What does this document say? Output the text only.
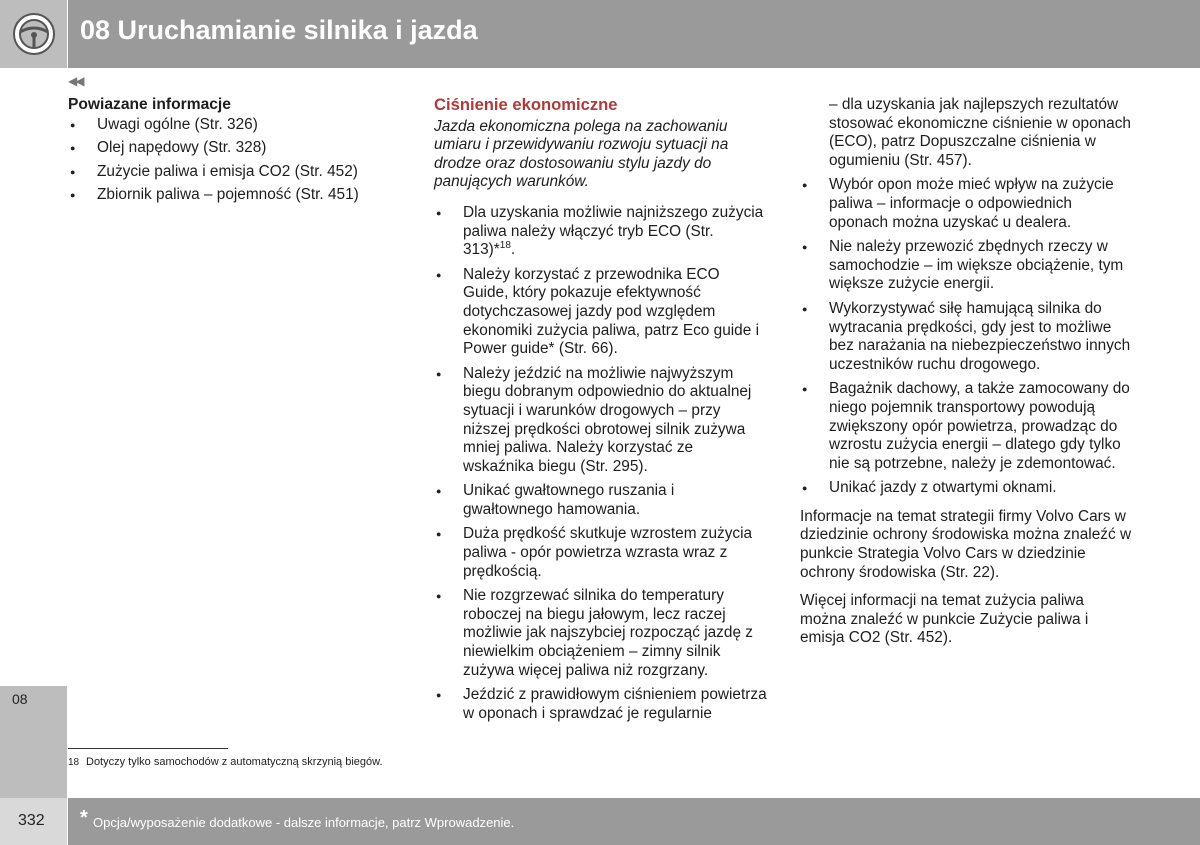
08 Uruchamianie silnika i jazda
◀◀
08
Powiazane informacje
● Uwagi ogólne (Str. 326)
● Olej napędowy (Str. 328)
● Zużycie paliwa i emisja CO2 (Str. 452)
● Zbiornik paliwa – pojemność (Str. 451)
Ciśnienie ekonomiczne

Jazda ekonomiczna polega na zachowaniu umiaru i przewidywaniu rozwoju sytuacji na drodze oraz dostosowaniu stylu jazdy do panujących warunków.

● Dla uzyskania możliwie najniższego zużycia paliwa należy włączyć tryb ECO (Str. 313)*$^{18}$.
● Należy korzystać z przewodnika ECO Guide, który pokazuje efektywność dotychczasowej jazdy pod względem ekonomiki zużycia paliwa, patrz Eco guide i Power guide* (Str. 66).
● Należy jeździć na możliwie najwyższym biegu dobranym odpowiednio do aktualnej sytuacji i warunków drogowych – przy niższej prędkości obrotowej silnik zużywa mniej paliwa. Należy korzystać ze wskaźnika biegu (Str. 295).
● Unikać gwałtownego ruszania i gwałtownego hamowania.
● Duża prędkość skutkuje wzrostem zużycia paliwa - opór powietrza wzrasta wraz z prędkością.
● Nie rozgrzewać silnika do temperatury roboczej na biegu jałowym, lecz raczej możliwie jak najszybciej rozpocząć jazdę z niewielkim obciążeniem – zimny silnik zużywa więcej paliwa niż rozgrzany.
● Jeździć z prawidłowym ciśnieniem powietrza w oponach i sprawdzać je regularnie
– dla uzyskania jak najlepszych rezultatów stosować ekonomiczne ciśnienie w oponach (ECO), patrz Dopuszczalne ciśnienia w ogumieniu (Str. 457).
● Wybór opon może mieć wpływ na zużycie paliwa – informacje o odpowiednich oponach można uzyskać u dealera.
● Nie należy przewozić zbędnych rzeczy w samochodzie – im większe obciążenie, tym większe zużycie energii.
● Wykorzystywać siłę hamującą silnika do wytracania prędkości, gdy jest to możliwe bez narażania na niebezpieczeństwo innych uczestników ruchu drogowego.
● Bagażnik dachowy, a także zamocowany do niego pojemnik transportowy powodują zwiększony opór powietrza, prowadząc do wzrostu zużycia energii – dlatego gdy tylko nie są potrzebne, należy je zdemontować.
● Unikać jazdy z otwartymi oknami.

Informacje na temat strategii firmy Volvo Cars w dziedzinie ochrony środowiska można znaleźć w punkcie Strategia Volvo Cars w dziedzinie ochrony środowiska (Str. 22).

Więcej informacji na temat zużycia paliwa można znaleźć w punkcie Zużycie paliwa i emisja CO2 (Str. 452).

18 Dotyczy tylko samochodów z automatyczną skrzynią biegów.
332 * Opcja/wyposażenie dodatkowe - dalsze informacje, patrz Wprowadzenie.
